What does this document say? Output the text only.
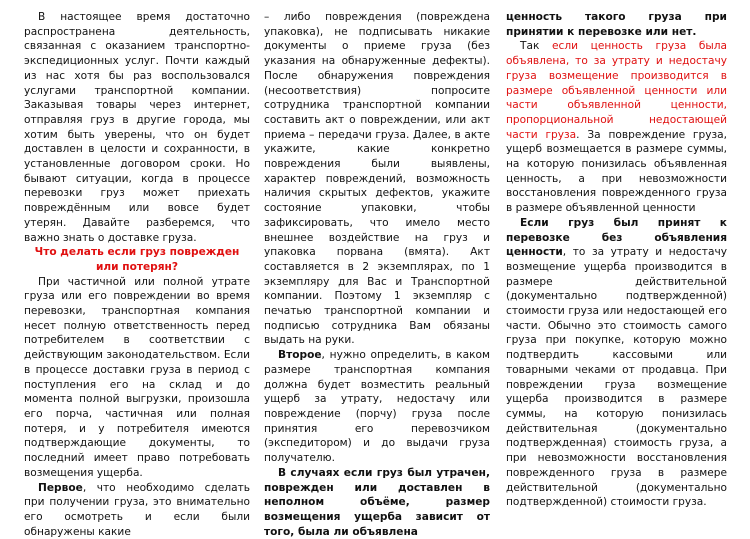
В настоящее время достаточно распространена деятельность, связанная с оказанием транспортно-экспедиционных услуг. Почти каждый из нас хотя бы раз воспользовался услугами транспортной компании. Заказывая товары через интернет, отправляя груз в другие города, мы хотим быть уверены, что он будет доставлен в целости и сохранности, в установленные договором сроки. Но бывают ситуации, когда в процессе перевозки груз может приехать повреждённым или вовсе будет утерян. Давайте разберемся, что важно знать о доставке груза.

Что делать если груз поврежден или потерян?

При частичной или полной утрате груза или его повреждении во время перевозки, транспортная компания несет полную ответственность перед потребителем в соответствии с действующим законодательством. Если в процессе доставки груза в период с поступления его на склад и до момента полной выгрузки, произошла его порча, частичная или полная потеря, и у потребителя имеются подтверждающие документы, то последний имеет право потребовать возмещения ущерба.

Первое, что необходимо сделать при получении груза, это внимательно его осмотреть и если были обнаружены какие

– либо повреждения (повреждена упаковка), не подписывать никакие документы о приеме груза (без указания на обнаруженные дефекты). После обнаружения повреждения (несоответствия) попросите сотрудника транспортной компании составить акт о повреждении, или акт приема – передачи груза. Далее, в акте укажите, какие конкретно повреждения были выявлены, характер повреждений, возможность наличия скрытых дефектов, укажите состояние упаковки, чтобы зафиксировать, что имело место внешнее воздействие на груз и упаковка порвана (вмята). Акт составляется в 2 экземплярах, по 1 экземпляру для Вас и Транспортной компании. Поэтому 1 экземпляр с печатью транспортной компании и подписью сотрудника Вам обязаны выдать на руки.

Второе, нужно определить, в каком размере транспортная компания должна будет возместить реальный ущерб за утрату, недостачу или повреждение (порчу) груза после принятия его перевозчиком (экспедитором) и до выдачи груза получателю.

В случаях если груз был утрачен, поврежден или доставлен в неполном объёме, размер возмещения ущерба зависит от того, была ли объявлена

ценность такого груза при принятии к перевозке или нет.

Так если ценность груза была объявлена, то за утрату и недостачу груза возмещение производится в размере объявленной ценности или части объявленной ценности, пропорциональной недостающей части груза. За повреждение груза, ущерб возмещается в размере суммы, на которую понизилась объявленная ценность, а при невозможности восстановления поврежденного груза в размере объявленной ценности

Если груз был принят к перевозке без объявления ценности, то за утрату и недостачу возмещение ущерба производится в размере действительной (документально подтвержденной) стоимости груза или недостающей его части. Обычно это стоимость самого груза при покупке, которую можно подтвердить кассовыми или товарными чеками от продавца. При повреждении груза возмещение ущерба производится в размере суммы, на которую понизилась действительная (документально подтвержденная) стоимость груза, а при невозможности восстановления поврежденного груза в размере действительной (документально подтвержденной) стоимости груза.
